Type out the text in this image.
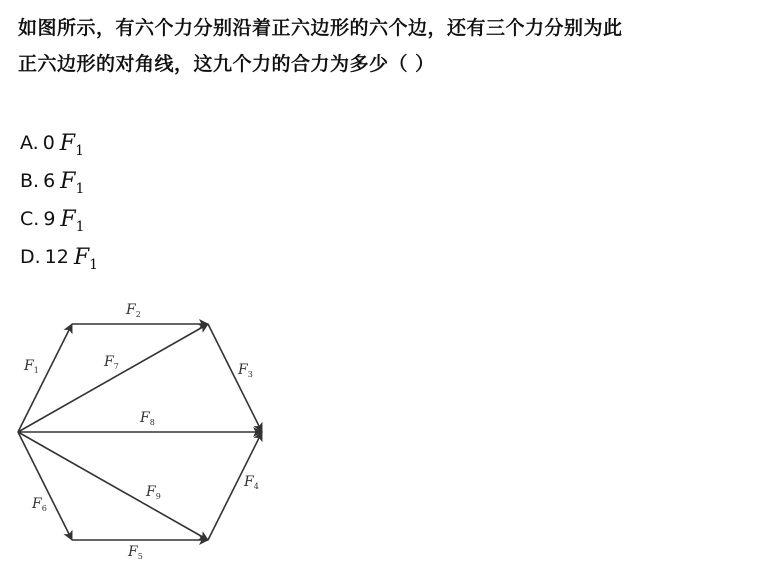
如图所示，有六个力分别沿着正六边形的六个边，还有三个力分别为此
正六边形的对角线，这九个力的合力为多少（ ）
A. 0 $F_1$
B. 6 $F_1$
C. 9 $F_1$
D. 12 $F_1$
$F_1$
$F_2$
$F_3$
$F_4$
$F_5$
$F_6$
$F_7$
$F_8$
$F_9$
